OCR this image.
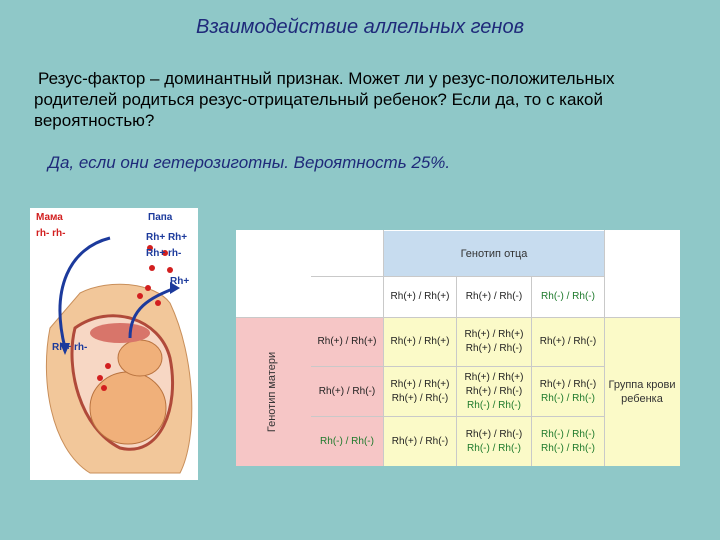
Взаимодействие аллельных генов
Резус-фактор – доминантный признак. Может ли у резус-положительных
родителей родиться резус-отрицательный ребенок? Если да, то с какой
вероятностью?
Да, если они гетерозиготны. Вероятность 25%.
Мама
rh- rh-
Папа
Rh+ Rh+
Rh+ rh-
Rh+
Rh+ rh-
Генотип отца
Генотип матери	Группа крови ребенка
Rh(+) / Rh(+) Rh(+) / Rh(-) Rh(-) / Rh(-)
Rh(+) / Rh(+)
Rh(+) / Rh(-)
Rh(-) / Rh(-)
Rh(+) / Rh(+)
Rh(+) / Rh(+)
Rh(+) / Rh(-)
Rh(+) / Rh(-)
Rh(+) / Rh(+)
Rh(+) / Rh(-)
Rh(+) / Rh(+)
Rh(+) / Rh(-)
Rh(-) / Rh(-)
Rh(+) / Rh(-)
Rh(-) / Rh(-)
Rh(+) / Rh(-)
Rh(+) / Rh(-)
Rh(-) / Rh(-)
Rh(-) / Rh(-)
Rh(-) / Rh(-)
